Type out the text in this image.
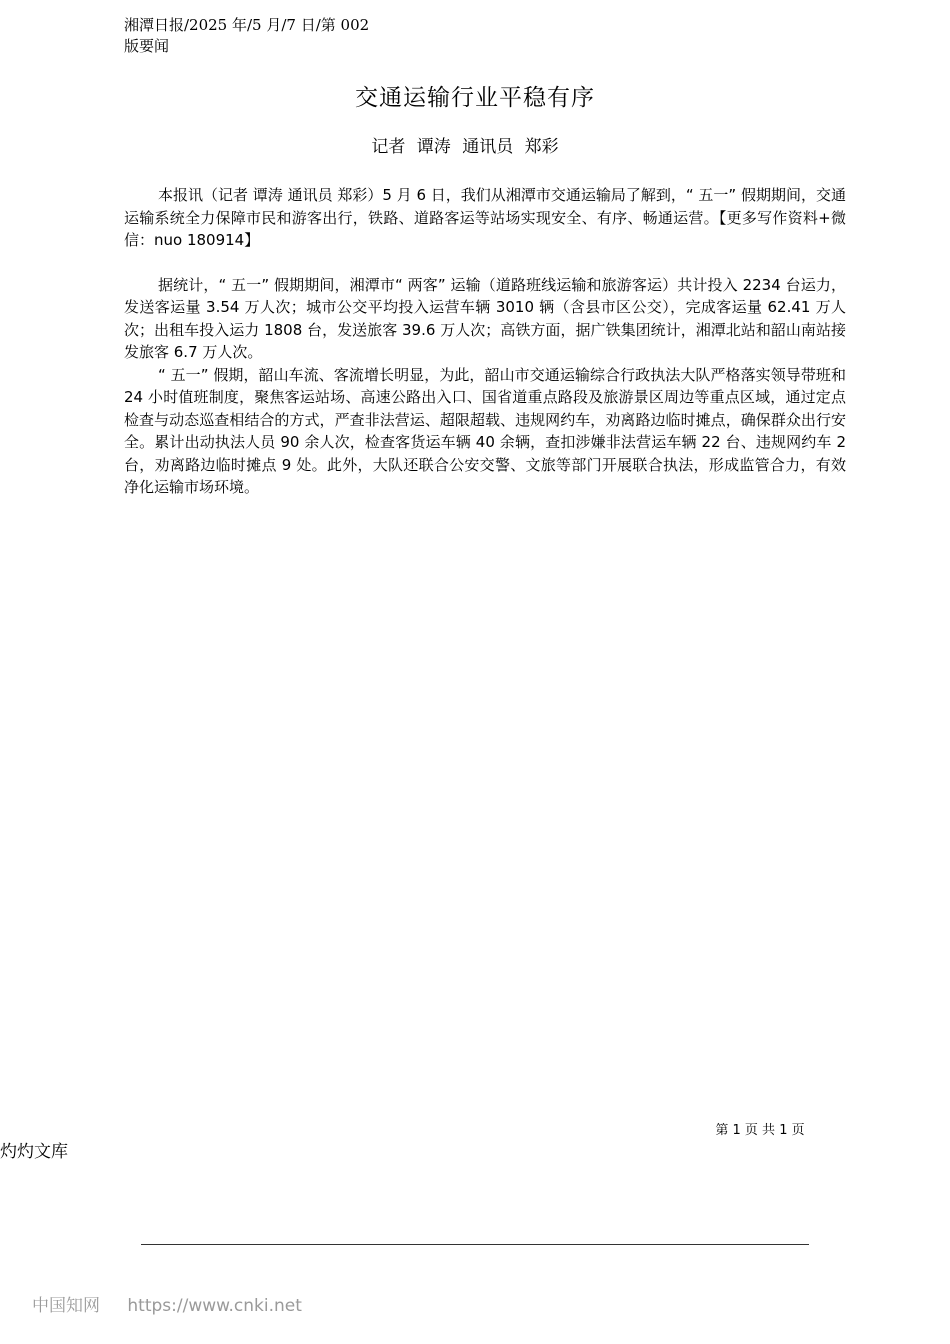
湘潭日报/2025 年/5 月/7 日/第 002
版要闻
交通运输行业平稳有序
记者 谭涛 通讯员 郑彩

本报讯（记者 谭涛 通讯员 郑彩）5 月 6 日，我们从湘潭市交通运输局了解到，“ 五一” 假期期间，交通运输系统全力保障市民和游客出行，铁路、道路客运等站场实现安全、有序、畅通运营。【更多写作资料+微信：nuo 180914】

据统计，“ 五一” 假期期间，湘潭市“ 两客” 运输（道路班线运输和旅游客运）共计投入 2234 台运力，发送客运量 3.54 万人次；城市公交平均投入运营车辆 3010 辆（含县市区公交），完成客运量 62.41 万人次；出租车投入运力 1808 台，发送旅客 39.6 万人次；高铁方面，据广铁集团统计，湘潭北站和韶山南站接发旅客 6.7 万人次。

“ 五一” 假期，韶山车流、客流增长明显，为此，韶山市交通运输综合行政执法大队严格落实领导带班和 24 小时值班制度，聚焦客运站场、高速公路出入口、国省道重点路段及旅游景区周边等重点区域，通过定点检查与动态巡查相结合的方式，严查非法营运、超限超载、违规网约车，劝离路边临时摊点，确保群众出行安全。累计出动执法人员 90 余人次，检查客货运车辆 40 余辆，查扣涉嫌非法营运车辆 22 台、违规网约车 2 台，劝离路边临时摊点 9 处。此外，大队还联合公安交警、文旅等部门开展联合执法，形成监管合力，有效净化运输市场环境。

第 1 页 共 1 页
灼灼文库
中国知网 https://www.cnki.net
